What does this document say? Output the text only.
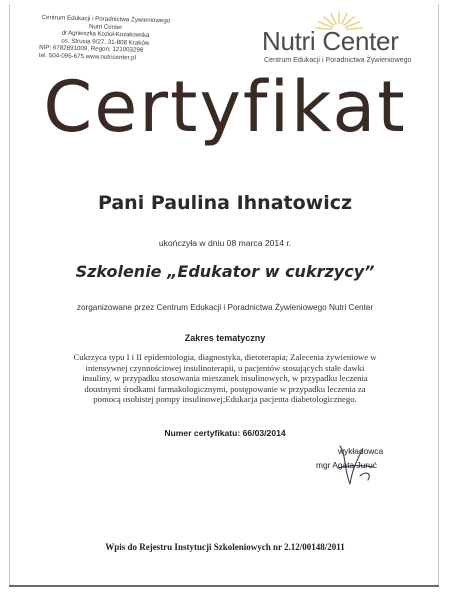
Centrum Edukacji i Poradnictwa Żywieniowego
Nutri Center
dr Agnieszka Kozioł-Kozakowska
os. Strusia 9/27, 31-808 Kraków
NIP: 6782891009, Regon: 121003298
tel. 504-095-675 www.nutricenter.pl
Nutri Center
Centrum Edukacji i Poradnictwa Żywieniowego
Certyfikat
Pani Paulina Ihnatowicz
ukończyła w dniu 08 marca 2014 r.
Szkolenie „Edukator w cukrzycy”
zorganizowane przez Centrum Edukacji i Poradnictwa Żywieniowego Nutri Center
Zakres tematyczny
Cukrzyca typu I i II epidemiologia, diagnostyka, dietoterapia; Zalecenia żywieniowe w intensywnej czynnościowej insulinoterapii, u pacjentów stosujących stałe dawki insuliny, w przypadku stosowania mieszanek insulinowych, w przypadku leczenia doustnymi środkami farmakologicznymi, postępowanie w przypadku leczenia za pomocą osobistej pompy insulinowej;Edukacja pacjenta diabetologicznego.
Numer certyfikatu: 66/03/2014
wykładowca
mgr Agata Juruć
Wpis do Rejestru Instytucji Szkoleniowych nr 2.12/00148/2011
